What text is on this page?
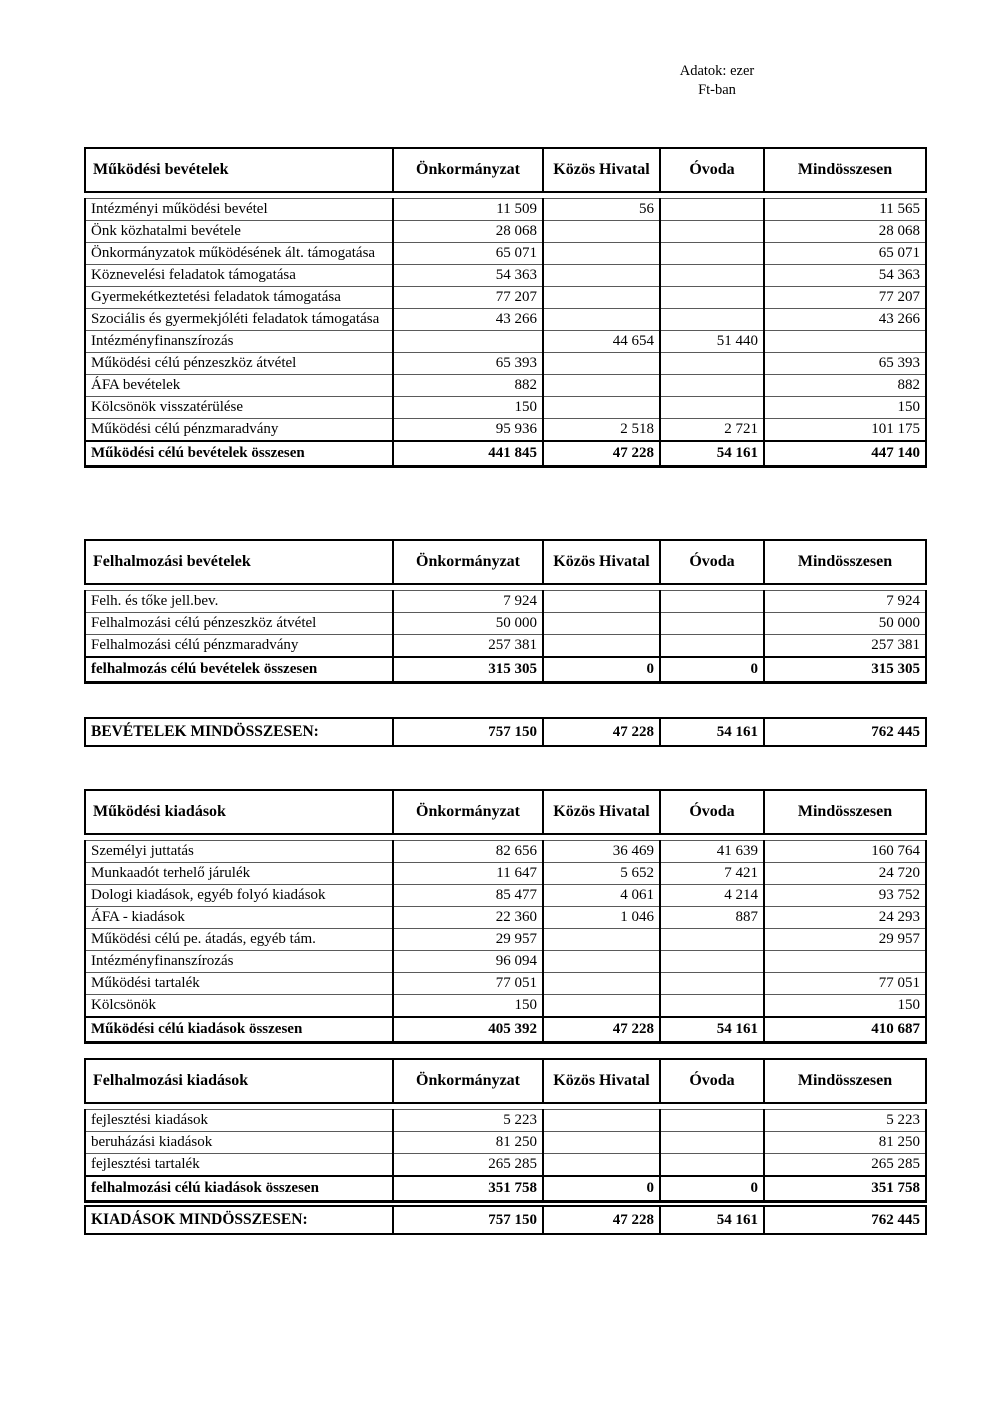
Adatok: ezer
Ft-ban
Működési bevételek	Önkormányzat	Közös Hivatal	Óvoda	Mindösszesen
Intézményi működési bevétel	11 509	56		11 565
Önk közhatalmi bevétele	28 068			28 068
Önkormányzatok működésének ált. támogatása	65 071			65 071
Köznevelési feladatok támogatása	54 363			54 363
Gyermekétkeztetési feladatok támogatása	77 207			77 207
Szociális és gyermekjóléti feladatok támogatása	43 266			43 266
Intézményfinanszírozás		44 654	51 440	
Működési célú pénzeszköz átvétel	65 393			65 393
ÁFA bevételek	882			882
Kölcsönök visszatérülése	150			150
Működési célú pénzmaradvány	95 936	2 518	2 721	101 175
Működési célú bevételek összesen	441 845	47 228	54 161	447 140
Felhalmozási bevételek	Önkormányzat	Közös Hivatal	Óvoda	Mindösszesen
Felh. és tőke jell.bev.	7 924			7 924
Felhalmozási célú pénzeszköz átvétel	50 000			50 000
Felhalmozási célú pénzmaradvány	257 381			257 381
felhalmozás célú bevételek összesen	315 305	0	0	315 305
BEVÉTELEK MINDÖSSZESEN:	757 150	47 228	54 161	762 445
Működési kiadások	Önkormányzat	Közös Hivatal	Óvoda	Mindösszesen
Személyi juttatás	82 656	36 469	41 639	160 764
Munkaadót terhelő járulék	11 647	5 652	7 421	24 720
Dologi kiadások, egyéb folyó kiadások	85 477	4 061	4 214	93 752
ÁFA - kiadások	22 360	1 046	887	24 293
Működési célú pe. átadás, egyéb tám.	29 957			29 957
Intézményfinanszírozás	96 094			
Működési tartalék	77 051			77 051
Kölcsönök	150			150
Működési célú kiadások összesen	405 392	47 228	54 161	410 687
Felhalmozási kiadások	Önkormányzat	Közös Hivatal	Óvoda	Mindösszesen
fejlesztési kiadások	5 223			5 223
beruházási kiadások	81 250			81 250
fejlesztési tartalék	265 285			265 285
felhalmozási célú kiadások összesen	351 758	0	0	351 758
KIADÁSOK MINDÖSSZESEN:	757 150	47 228	54 161	762 445
